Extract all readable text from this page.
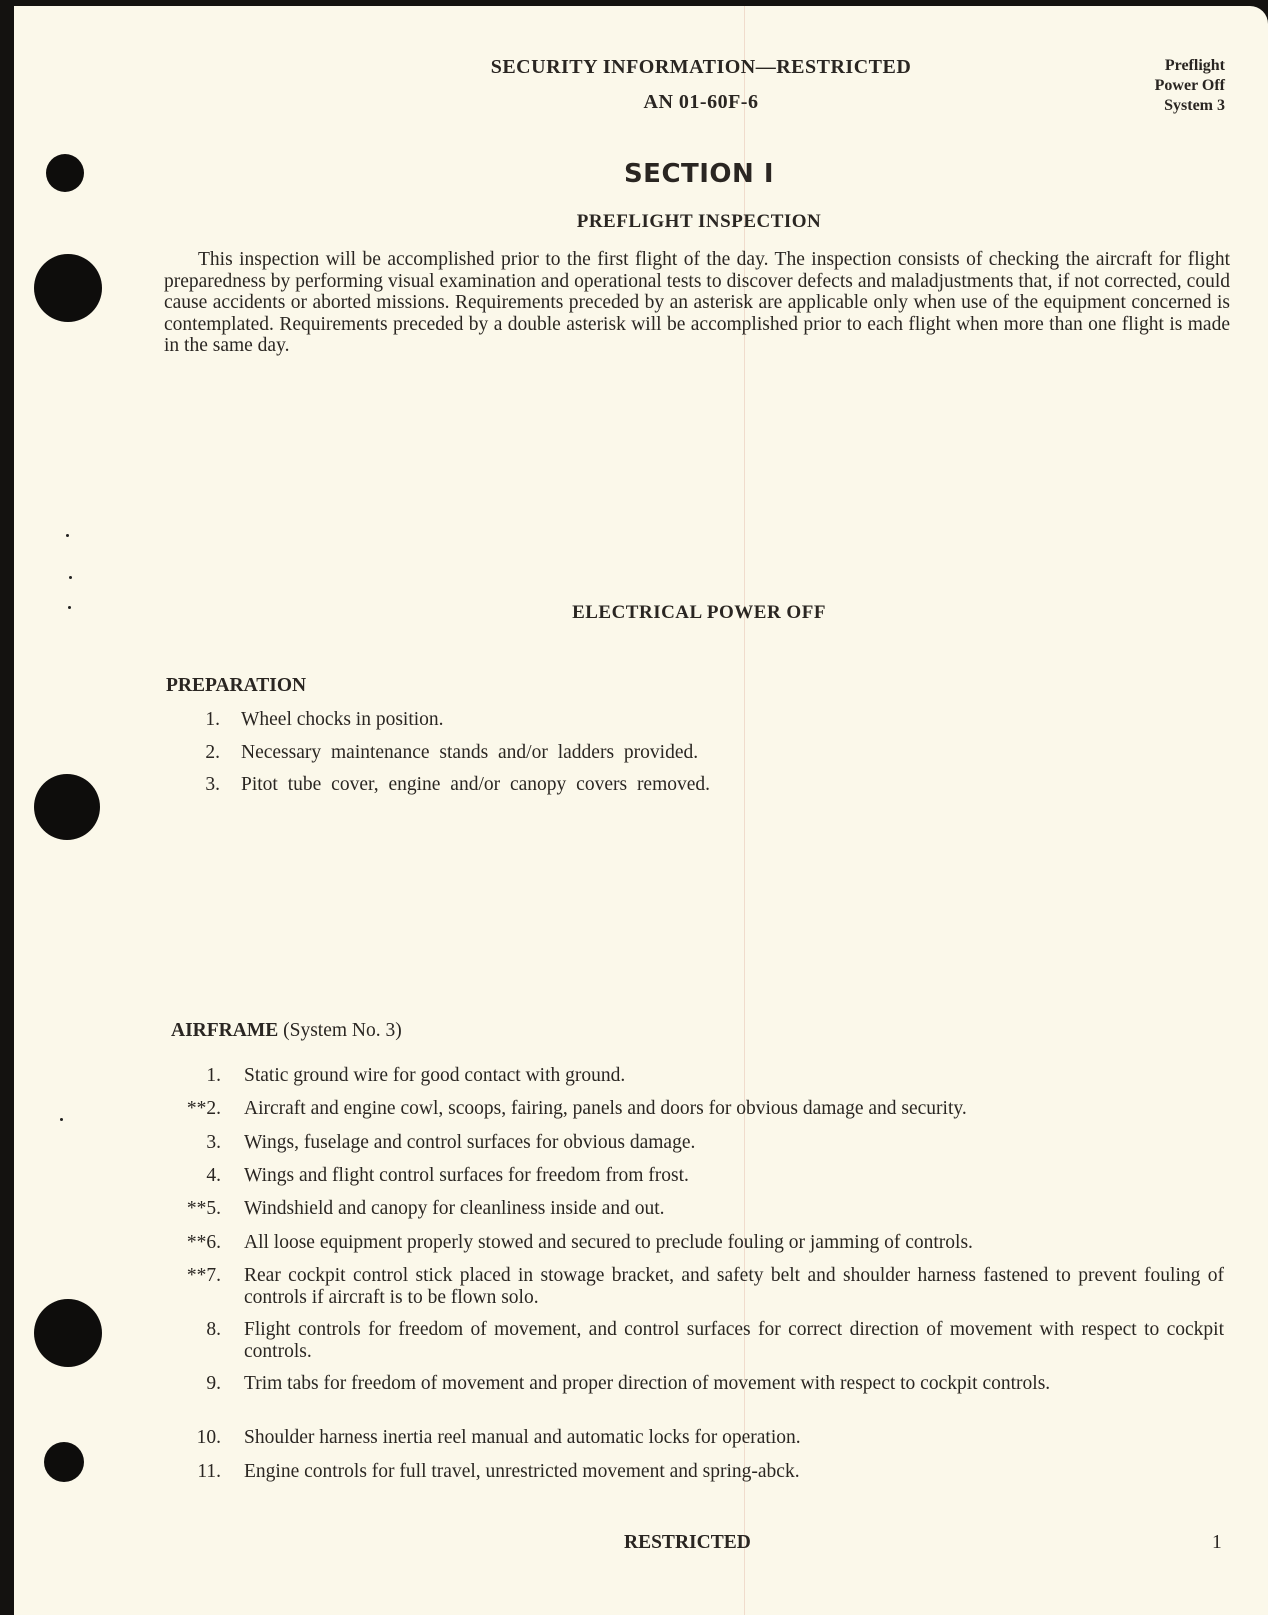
SECURITY INFORMATION—RESTRICTED
AN 01-60F-6
Preflight
Power Off
System 3
SECTION I
PREFLIGHT INSPECTION
This inspection will be accomplished prior to the first flight of the day. The inspection consists of checking the aircraft for flight preparedness by performing visual examination and operational tests to discover defects and maladjustments that, if not corrected, could cause accidents or aborted missions. Requirements preceded by an asterisk are applicable only when use of the equipment concerned is contemplated. Requirements preceded by a double asterisk will be accomplished prior to each flight when more than one flight is made in the same day.
ELECTRICAL POWER OFF
PREPARATION
1. Wheel chocks in position.
2. Necessary maintenance stands and/or ladders provided.
3. Pitot tube cover, engine and/or canopy covers removed.
AIRFRAME (System No. 3)
1. Static ground wire for good contact with ground.
**2. Aircraft and engine cowl, scoops, fairing, panels and doors for obvious damage and security.
3. Wings, fuselage and control surfaces for obvious damage.
4. Wings and flight control surfaces for freedom from frost.
**5. Windshield and canopy for cleanliness inside and out.
**6. All loose equipment properly stowed and secured to preclude fouling or jamming of controls.
**7. Rear cockpit control stick placed in stowage bracket, and safety belt and shoulder harness fastened to prevent fouling of controls if aircraft is to be flown solo.
8. Flight controls for freedom of movement, and control surfaces for correct direction of movement with respect to cockpit controls.
9. Trim tabs for freedom of movement and proper direction of movement with respect to cockpit controls.
10. Shoulder harness inertia reel manual and automatic locks for operation.
11. Engine controls for full travel, unrestricted movement and spring-abck.
RESTRICTED	1
